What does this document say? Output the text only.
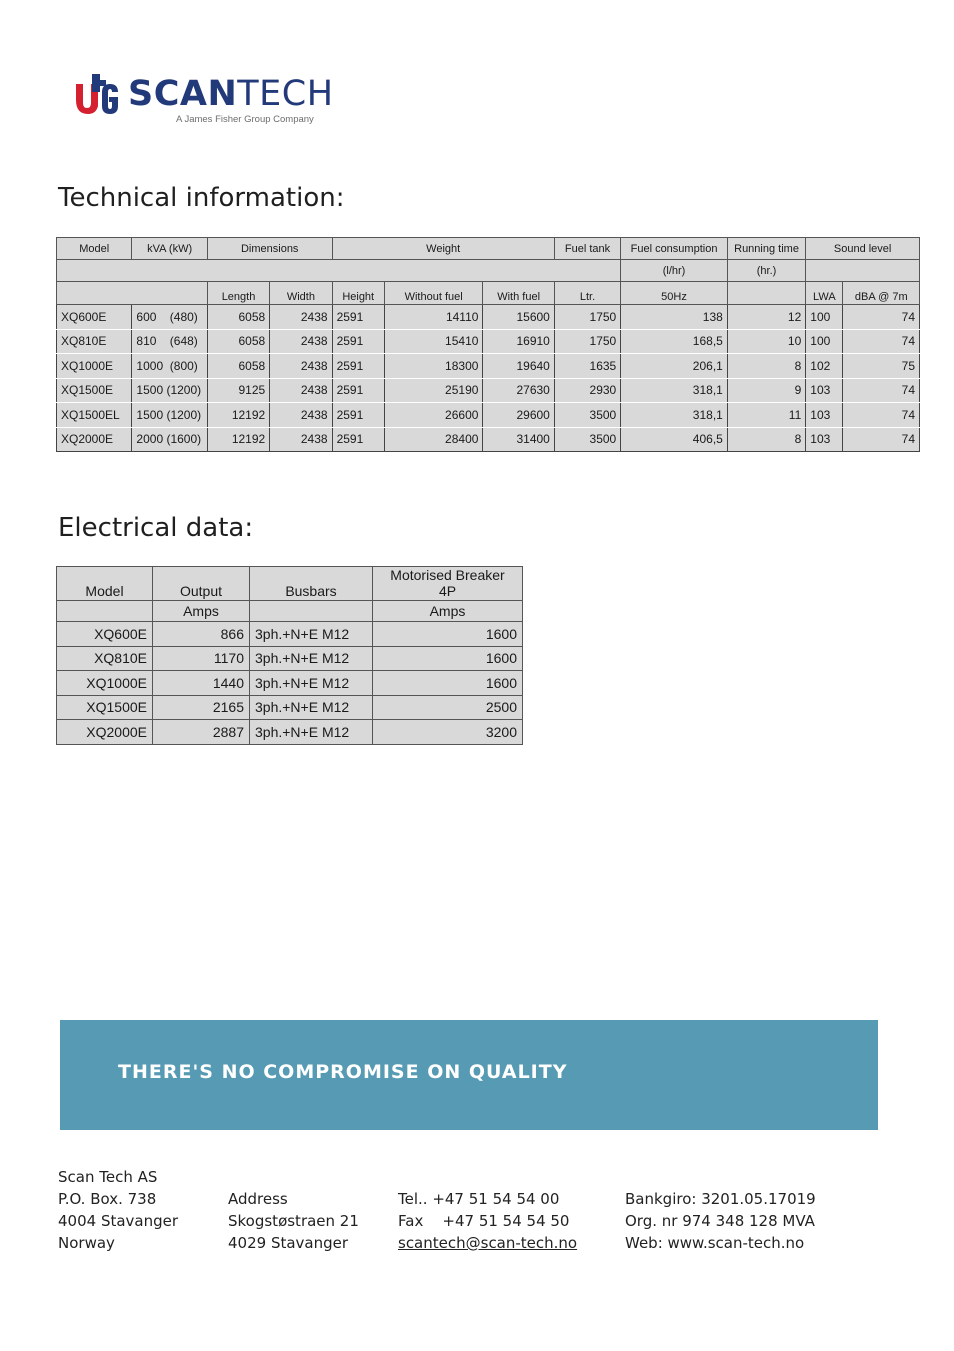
SCANTECH
A James Fisher Group Company
Technical information:
Model	kVA (kW)	Dimensions		Weight			Fuel tank	Fuel consumption	Running time	Sound level	
								(l/hr)	(hr.)		
		Length	Width	Height	Without fuel	With fuel	Ltr.	50Hz		LWA	dBA @ 7m
XQ600E	600    (480)	6058	2438	2591	14110	15600	1750	138	12	100	74
XQ810E	810    (648)	6058	2438	2591	15410	16910	1750	168,5	10	100	74
XQ1000E	1000  (800)	6058	2438	2591	18300	19640	1635	206,1	8	102	75
XQ1500E	1500 (1200)	9125	2438	2591	25190	27630	2930	318,1	9	103	74
XQ1500EL	1500 (1200)	12192	2438	2591	26600	29600	3500	318,1	11	103	74
XQ2000E	2000 (1600)	12192	2438	2591	28400	31400	3500	406,5	8	103	74
Electrical data:
Model	Output	Busbars	Motorised Breaker
4P
	Amps		Amps
XQ600E	866	3ph.+N+E M12	1600
XQ810E	1170	3ph.+N+E M12	1600
XQ1000E	1440	3ph.+N+E M12	1600
XQ1500E	2165	3ph.+N+E M12	2500
XQ2000E	2887	3ph.+N+E M12	3200
THERE'S NO COMPROMISE ON QUALITY
Scan Tech AS
P.O. Box. 738
4004 Stavanger
Norway
Address
Skogstøstraen 21
4029 Stavanger
Tel.. +47 51 54 54 00
Fax    +47 51 54 54 50
scantech@scan-tech.no
Bankgiro: 3201.05.17019
Org. nr 974 348 128 MVA
Web: www.scan-tech.no
